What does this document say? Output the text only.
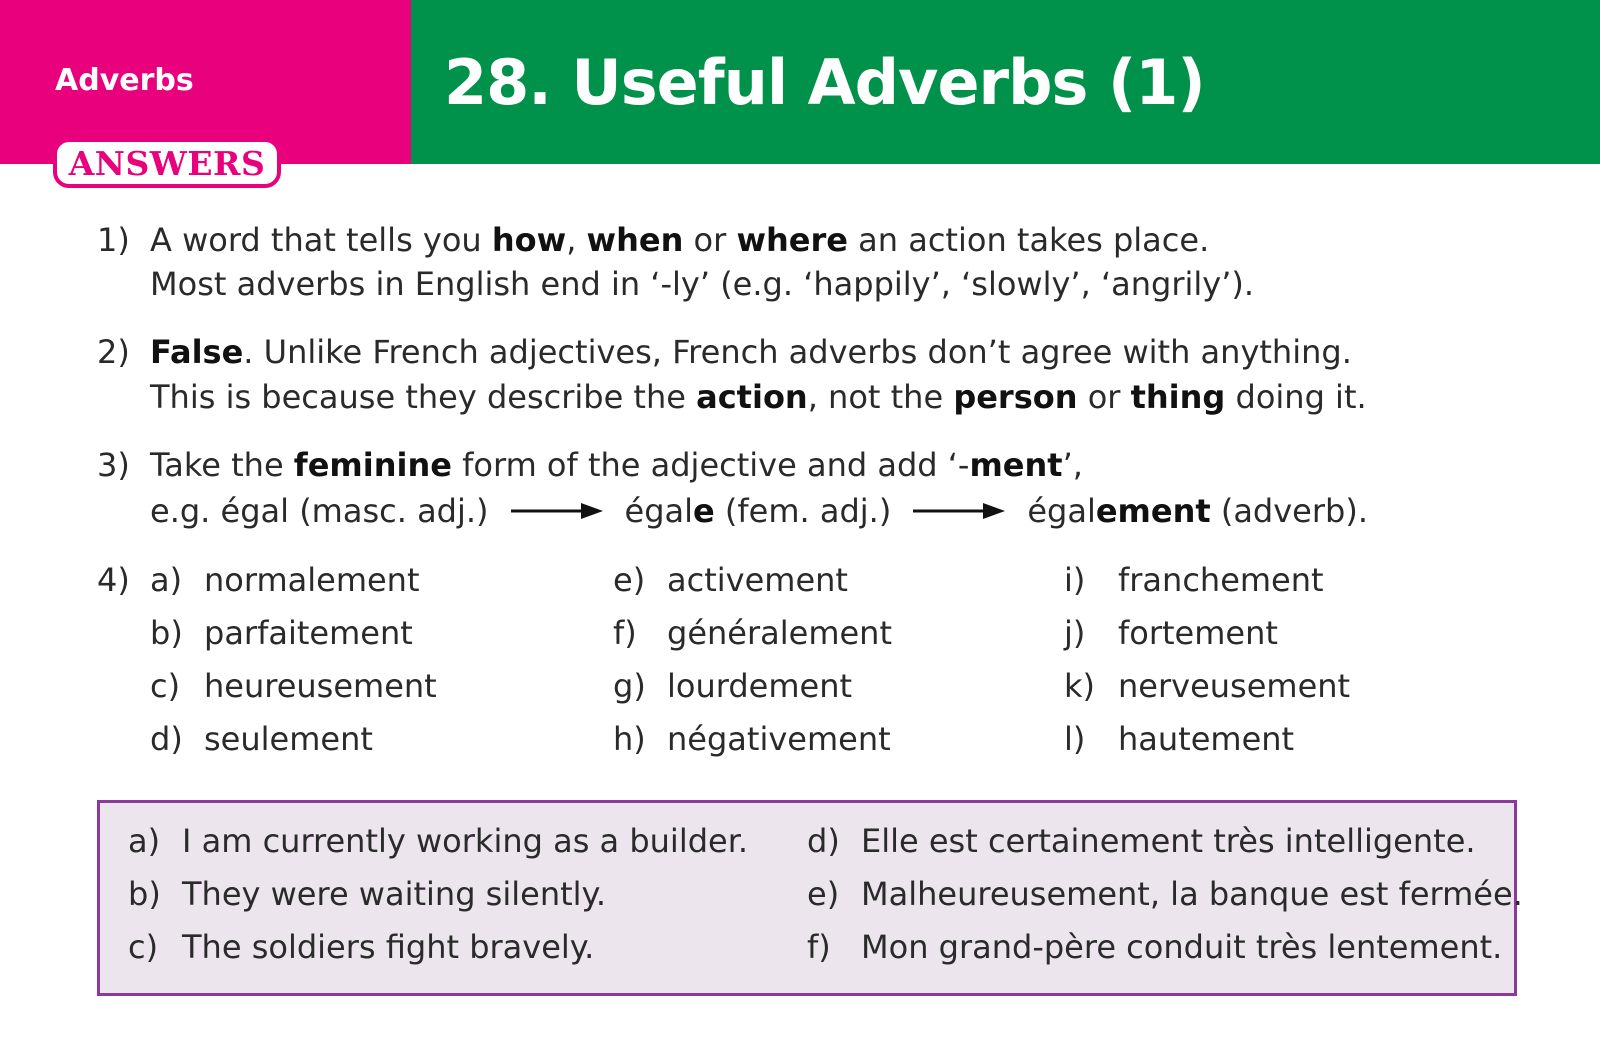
Adverbs
ANSWERS
28. Useful Adverbs (1)
1) A word that tells you how, when or where an action takes place.
Most adverbs in English end in ‘-ly’ (e.g. ‘happily’, ‘slowly’, ‘angrily’).
2) False. Unlike French adjectives, French adverbs don’t agree with anything.
This is because they describe the action, not the person or thing doing it.
3) Take the feminine form of the adjective and add ‘-ment’,
e.g. égal (masc. adj.)	égale (fem. adj.)	également (adverb).
4) a) normalement
b) parfaitement
c) heureusement
d) seulement
e) activement
f) généralement
g) lourdement
h) négativement
i)	franchement
j)	fortement
k) nerveusement
l)	hautement
a) I am currently working as a builder.
b) They were waiting silently.
c) The soldiers fight bravely.
d) Elle est certainement très intelligente.
e) Malheureusement, la banque est fermée.
f) Mon grand-père conduit très lentement.
